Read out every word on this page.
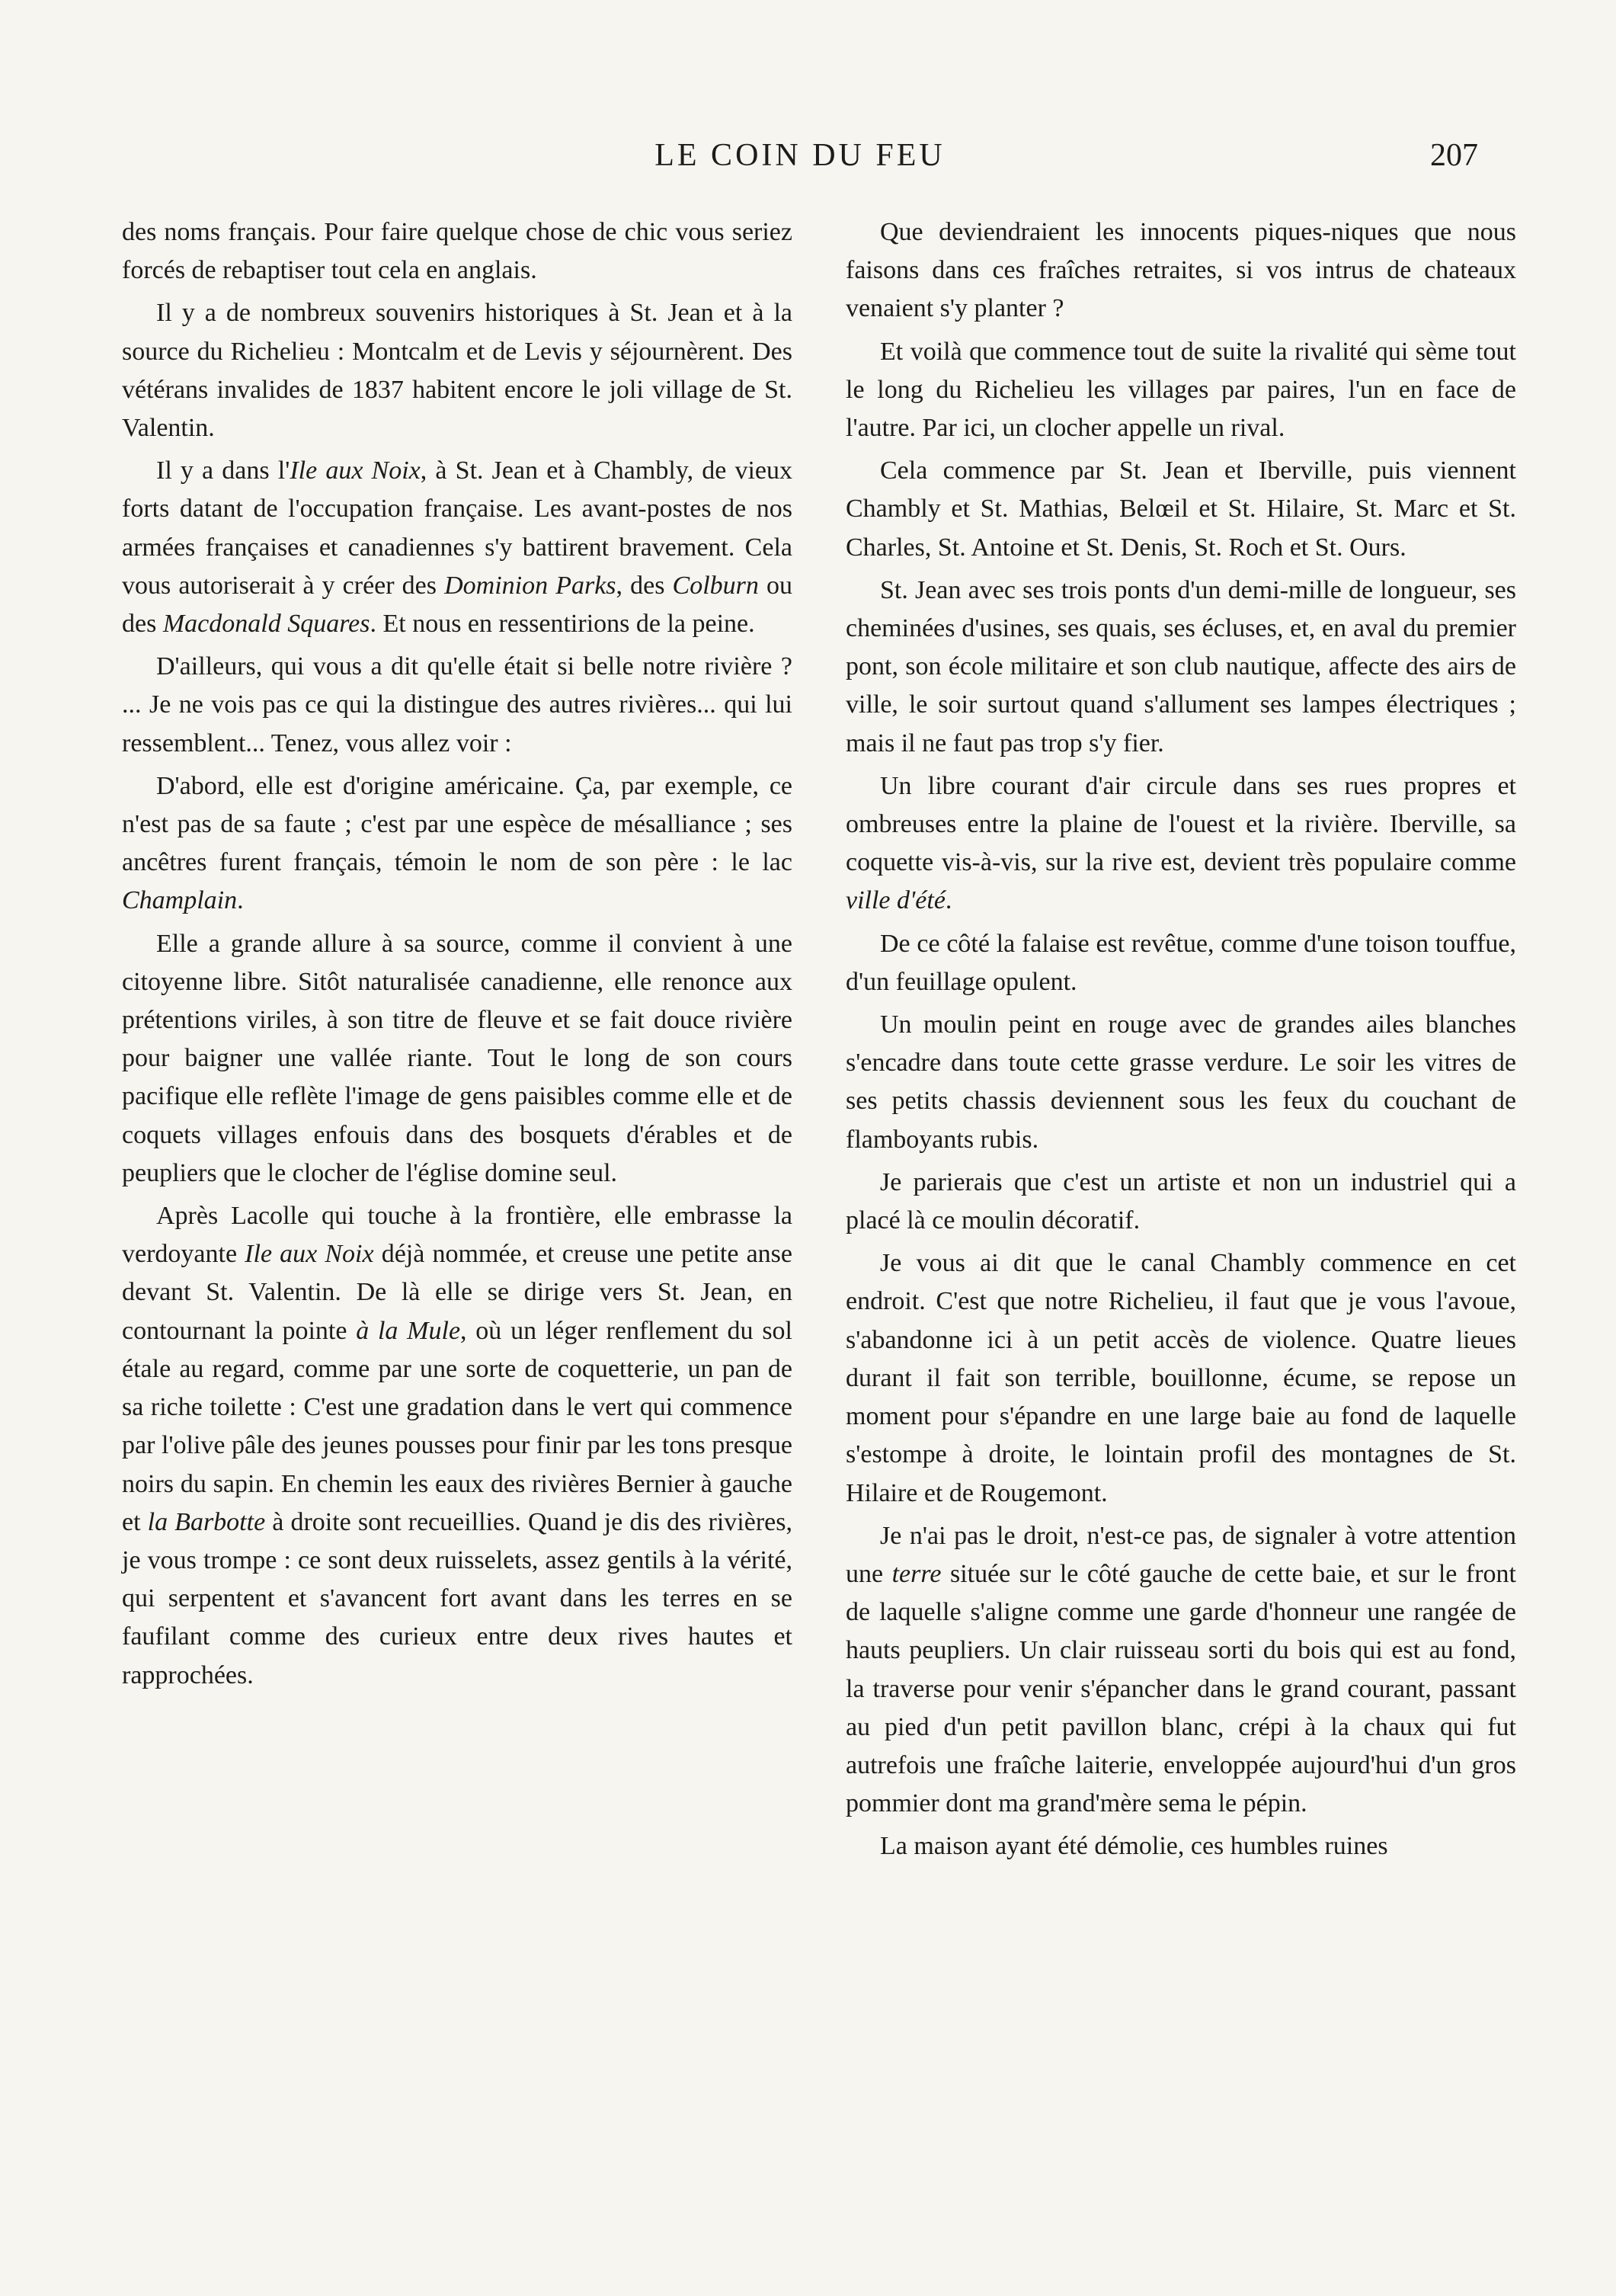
LE COIN DU FEU	207

des noms français. Pour faire quelque chose de chic vous seriez forcés de rebaptiser tout cela en anglais.

Il y a de nombreux souvenirs historiques à St. Jean et à la source du Richelieu : Montcalm et de Levis y séjournèrent. Des vétérans invalides de 1837 habitent encore le joli village de St. Valentin.

Il y a dans l'Ile aux Noix, à St. Jean et à Chambly, de vieux forts datant de l'occupation française. Les avant-postes de nos armées françaises et canadiennes s'y battirent bravement. Cela vous autoriserait à y créer des Dominion Parks, des Colburn ou des Macdonald Squares. Et nous en ressentirions de la peine.

D'ailleurs, qui vous a dit qu'elle était si belle notre rivière ? ... Je ne vois pas ce qui la distingue des autres rivières... qui lui ressemblent... Tenez, vous allez voir :

D'abord, elle est d'origine américaine. Ça, par exemple, ce n'est pas de sa faute ; c'est par une espèce de mésalliance ; ses ancêtres furent français, témoin le nom de son père : le lac Champlain.

Elle a grande allure à sa source, comme il convient à une citoyenne libre. Sitôt naturalisée canadienne, elle renonce aux prétentions viriles, à son titre de fleuve et se fait douce rivière pour baigner une vallée riante. Tout le long de son cours pacifique elle reflète l'image de gens paisibles comme elle et de coquets villages enfouis dans des bosquets d'érables et de peupliers que le clocher de l'église domine seul.

Après Lacolle qui touche à la frontière, elle embrasse la verdoyante Ile aux Noix déjà nommée, et creuse une petite anse devant St. Valentin. De là elle se dirige vers St. Jean, en contournant la pointe à la Mule, où un léger renflement du sol étale au regard, comme par une sorte de coquetterie, un pan de sa riche toilette : C'est une gradation dans le vert qui commence par l'olive pâle des jeunes pousses pour finir par les tons presque noirs du sapin. En chemin les eaux des rivières Bernier à gauche et la Barbotte à droite sont recueillies. Quand je dis des rivières, je vous trompe : ce sont deux ruisselets, assez gentils à la vérité, qui serpentent et s'avancent fort avant dans les terres en se faufilant comme des curieux entre deux rives hautes et rapprochées.

Que deviendraient les innocents piques-niques que nous faisons dans ces fraîches retraites, si vos intrus de chateaux venaient s'y planter ?

Et voilà que commence tout de suite la rivalité qui sème tout le long du Richelieu les villages par paires, l'un en face de l'autre. Par ici, un clocher appelle un rival.

Cela commence par St. Jean et Iberville, puis viennent Chambly et St. Mathias, Belœil et St. Hilaire, St. Marc et St. Charles, St. Antoine et St. Denis, St. Roch et St. Ours.

St. Jean avec ses trois ponts d'un demi-mille de longueur, ses cheminées d'usines, ses quais, ses écluses, et, en aval du premier pont, son école militaire et son club nautique, affecte des airs de ville, le soir surtout quand s'allument ses lampes électriques ; mais il ne faut pas trop s'y fier.

Un libre courant d'air circule dans ses rues propres et ombreuses entre la plaine de l'ouest et la rivière. Iberville, sa coquette vis-à-vis, sur la rive est, devient très populaire comme ville d'été.

De ce côté la falaise est revêtue, comme d'une toison touffue, d'un feuillage opulent.

Un moulin peint en rouge avec de grandes ailes blanches s'encadre dans toute cette grasse verdure. Le soir les vitres de ses petits chassis deviennent sous les feux du couchant de flamboyants rubis.

Je parierais que c'est un artiste et non un industriel qui a placé là ce moulin décoratif.

Je vous ai dit que le canal Chambly commence en cet endroit. C'est que notre Richelieu, il faut que je vous l'avoue, s'abandonne ici à un petit accès de violence. Quatre lieues durant il fait son terrible, bouillonne, écume, se repose un moment pour s'épandre en une large baie au fond de laquelle s'estompe à droite, le lointain profil des montagnes de St. Hilaire et de Rougemont.

Je n'ai pas le droit, n'est-ce pas, de signaler à votre attention une terre située sur le côté gauche de cette baie, et sur le front de laquelle s'aligne comme une garde d'honneur une rangée de hauts peupliers. Un clair ruisseau sorti du bois qui est au fond, la traverse pour venir s'épancher dans le grand courant, passant au pied d'un petit pavillon blanc, crépi à la chaux qui fut autrefois une fraîche laiterie, enveloppée aujourd'hui d'un gros pommier dont ma grand'mère sema le pépin.

La maison ayant été démolie, ces humbles ruines
